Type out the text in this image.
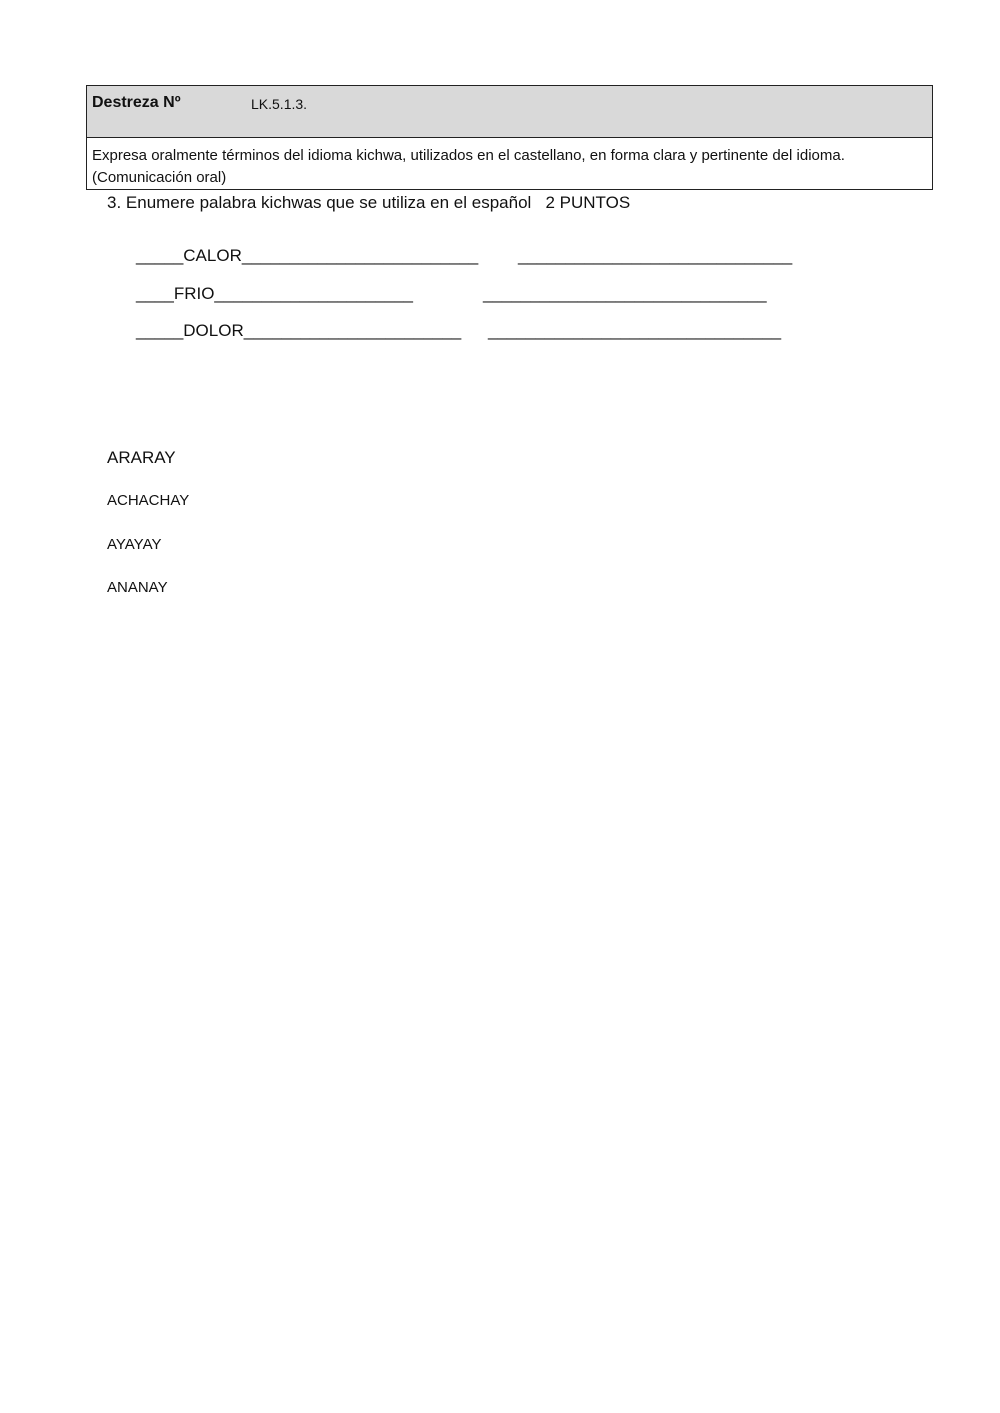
Destreza Nº	LK.5.1.3.
Expresa oralmente términos del idioma kichwa, utilizados en el castellano, en forma clara y pertinente del idioma. (Comunicación oral)
3. Enumere palabra kichwas que se utiliza en el español   2 PUNTOS
_____CALOR_________________________ _____________________________
____FRIO_____________________	______________________________
_____DOLOR_______________________ _______________________________
ARARAY
ACHACHAY
AYAYAY
ANANAY
